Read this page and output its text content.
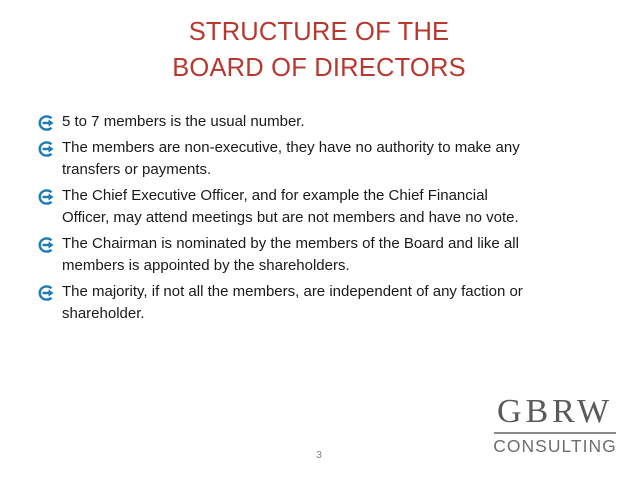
STRUCTURE OF THE
BOARD OF DIRECTORS
5 to 7 members is the usual number.
The members are non-executive, they have no authority to make any
transfers or payments.
The Chief Executive Officer, and for example the Chief Financial
Officer, may attend meetings but are not members and have no vote.
The Chairman is nominated by the members of the Board and like all
members is appointed by the shareholders.
The majority, if not all the members, are independent of any faction or
shareholder.
3
GBRW
CONSULTING
